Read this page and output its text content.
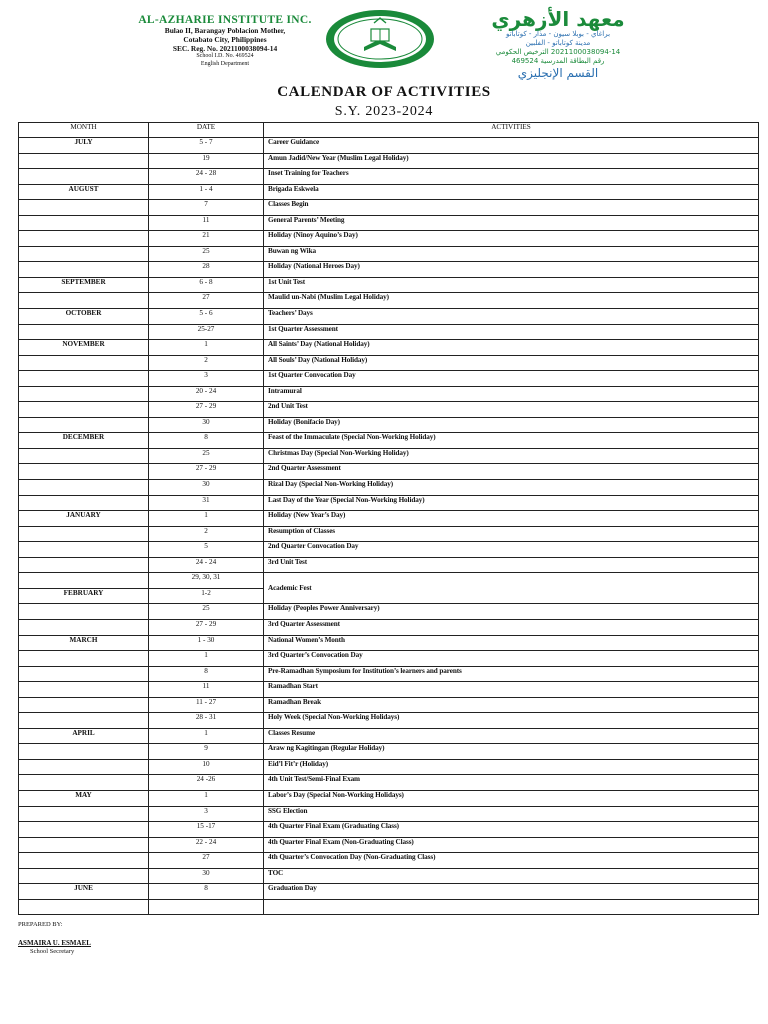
AL-AZHARIE INSTITUTE INC.
Bulao II, Barangay Poblacion Mother,
Cotabato City, Philippines
SEC. Reg. No. 2021100038094-14
School I.D. No. 469524
English Department
معهد الأزهري
براغاي - بوبلا سيون - مذار - كوتاباتو
مدينة كوتاباتو - الفلبين
2021100038094-14 الترخيص الحكومي
رقم البطاقة المدرسية 469524
القسم الإنجليزي
CALENDAR OF ACTIVITIES
S.Y. 2023-2024
MONTH	DATE	ACTIVITIES
JULY	5 - 7	Career Guidance
	19	Amun Jadid/New Year (Muslim Legal Holiday)
	24 - 28	Inset Training for Teachers
AUGUST	1 - 4	Brigada Eskwela
	7	Classes Begin
	11	General Parents’ Meeting
	21	Holiday (Ninoy Aquino’s Day)
	25	Buwan ng Wika
	28	Holiday (National Heroes Day)
SEPTEMBER	6 - 8	1st Unit Test
	27	Maulid un-Nabi (Muslim Legal Holiday)
OCTOBER	5 - 6	Teachers’ Days
	25-27	1st Quarter Assessment
NOVEMBER	1	All Saints’ Day (National Holiday)
	2	All Souls’ Day (National Holiday)
	3	1st Quarter Convocation Day
	20 - 24	Intramural
	27 - 29	2nd Unit Test
	30	Holiday (Bonifacio Day)
DECEMBER	8	Feast of the Immaculate (Special Non-Working Holiday)
	25	Christmas Day (Special Non-Working Holiday)
	27 - 29	2nd Quarter Assessment
	30	Rizal Day (Special Non-Working Holiday)
	31	Last Day of the Year (Special Non-Working Holiday)
JANUARY	1	Holiday (New Year’s Day)
	2	Resumption of Classes
	5	2nd Quarter Convocation Day
	24 - 24	3rd Unit Test
	29, 30, 31	Academic Fest
FEBRUARY	1-2	
	25	Holiday (Peoples Power Anniversary)
	27 - 29	3rd Quarter Assessment
MARCH	1 - 30	National Women’s Month
	1	3rd Quarter’s Convocation Day
	8	Pre-Ramadhan Symposium for Institution’s learners and parents
	11	Ramadhan Start
	11 - 27	Ramadhan Break
	28 - 31	Holy Week (Special Non-Working Holidays)
APRIL	1	Classes Resume
	9	Araw ng Kagitingan (Regular Holiday)
	10	Eid’l Fit’r (Holiday)
	24 -26	4th Unit Test/Semi-Final Exam
MAY	1	Labor’s Day (Special Non-Working Holidays)
	3	SSG Election
	15 -17	4th Quarter Final Exam (Graduating Class)
	22 - 24	4th Quarter Final Exam (Non-Graduating Class)
	27	4th Quarter’s Convocation Day (Non-Graduating Class)
	30	TOC
JUNE	8	Graduation Day

PREPARED BY:
ASMAIRA U. ESMAEL
School Secretary
